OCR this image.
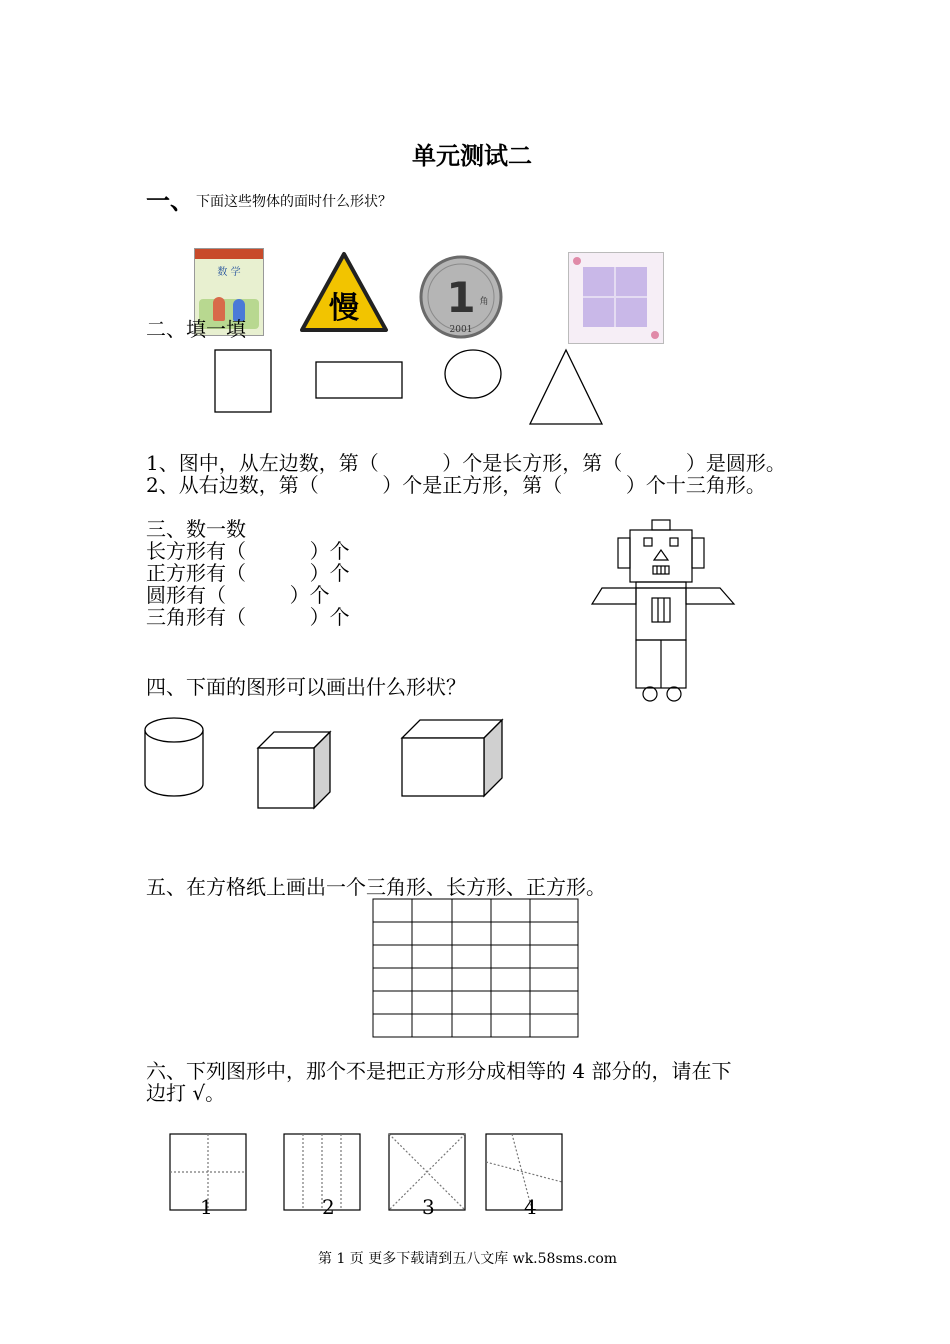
单元测试二
一、 下面这些物体的面时什么形状？
数 学
慢 1 角
2001
二、填一填
1、图中，从左边数，第（          ）个是长方形，第（          ）是圆形。
2、从右边数，第（          ）个是正方形，第（          ）个十三角形。
三、数一数
长方形有（          ）个
正方形有（          ）个
圆形有（          ）个
三角形有（          ）个
四、下面的图形可以画出什么形状？
五、在方格纸上画出一个三角形、长方形、正方形。
六、下列图形中，那个不是把正方形分成相等的 4 部分的，请在下
边打 √。
1	2	3	4
第 1 页 更多下载请到五八文库 wk.58sms.com
